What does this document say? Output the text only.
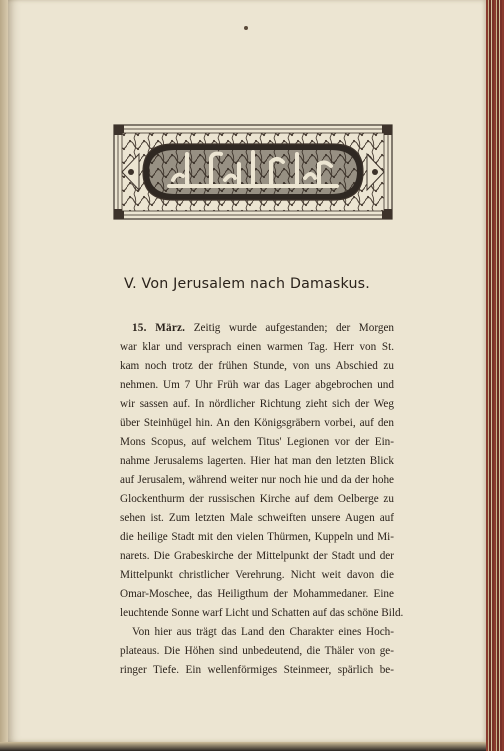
V. Von Jerusalem nach Damaskus.
15. März. Zeitig wurde aufgestanden; der Morgen
war klar und versprach einen warmen Tag. Herr von St.
kam noch trotz der frühen Stunde, von uns Abschied zu
nehmen. Um 7 Uhr Früh war das Lager abgebrochen und
wir sassen auf. In nördlicher Richtung zieht sich der Weg
über Steinhügel hin. An den Königsgräbern vorbei, auf den
Mons Scopus, auf welchem Titus' Legionen vor der Ein-
nahme Jerusalems lagerten. Hier hat man den letzten Blick
auf Jerusalem, während weiter nur noch hie und da der hohe
Glockenthurm der russischen Kirche auf dem Oelberge zu
sehen ist. Zum letzten Male schweiften unsere Augen auf
die heilige Stadt mit den vielen Thürmen, Kuppeln und Mi-
narets. Die Grabeskirche der Mittelpunkt der Stadt und der
Mittelpunkt christlicher Verehrung. Nicht weit davon die
Omar-Moschee, das Heiligthum der Mohammedaner. Eine
leuchtende Sonne warf Licht und Schatten auf das schöne Bild.
Von hier aus trägt das Land den Charakter eines Hoch-
plateaus. Die Höhen sind unbedeutend, die Thäler von ge-
ringer Tiefe. Ein wellenförmiges Steinmeer, spärlich be-
